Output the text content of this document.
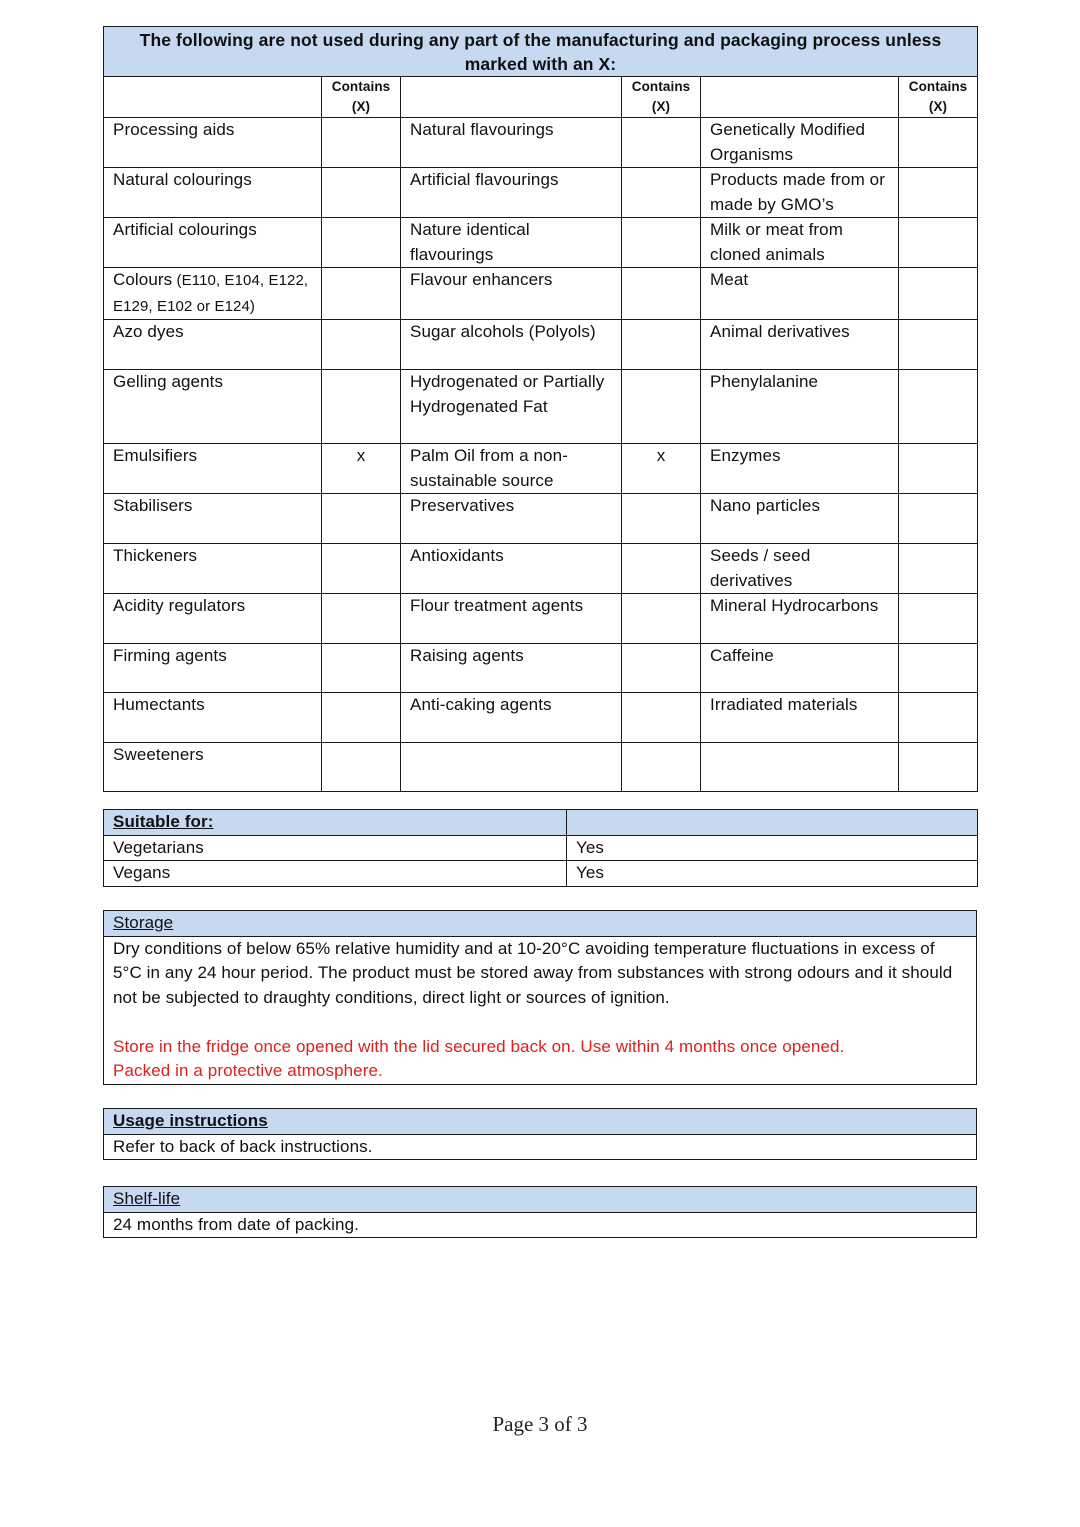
The following are not used during any part of the manufacturing and packaging process unless marked with an X:					
	Contains (X)		Contains (X)		Contains (X)
Processing aids		Natural flavourings		Genetically Modified Organisms	
Natural colourings		Artificial flavourings		Products made from or made by GMO’s	
Artificial colourings		Nature identical flavourings		Milk or meat from cloned animals	
Colours (E110, E104, E122, E129, E102 or E124)		Flavour enhancers		Meat	
Azo dyes		Sugar alcohols (Polyols)		Animal derivatives	
Gelling agents		Hydrogenated or Partially Hydrogenated Fat		Phenylalanine	
Emulsifiers	x	Palm Oil from a non-sustainable source	x	Enzymes	
Stabilisers		Preservatives		Nano particles	
Thickeners		Antioxidants		Seeds / seed derivatives	
Acidity regulators		Flour treatment agents		Mineral Hydrocarbons	
Firming agents		Raising agents		Caffeine	
Humectants		Anti-caking agents		Irradiated materials	
Sweeteners					
Suitable for:	
Vegetarians	Yes
Vegans	Yes
Storage

Dry conditions of below 65% relative humidity and at 10-20°C avoiding temperature fluctuations in excess of 5°C in any 24 hour period. The product must be stored away from substances with strong odours and it should not be subjected to draughty conditions, direct light or sources of ignition.
Store in the fridge once opened with the lid secured back on. Use within 4 months once opened.
Packed in a protective atmosphere.
Usage instructions
Refer to back of back instructions.
Shelf-life
24 months from date of packing.
Page 3 of 3
